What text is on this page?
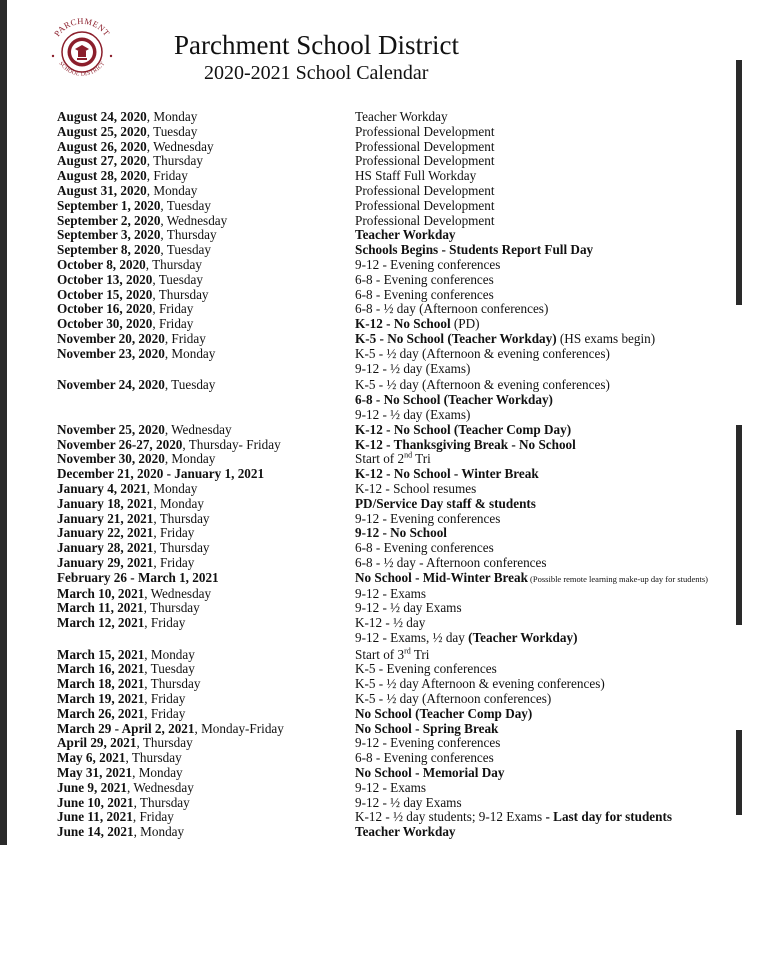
PARCHMENT
SCHOOL DISTRICT
Parchment School District
2020-2021 School Calendar
August 24, 2020, Monday	Teacher Workday
August 25, 2020, Tuesday	Professional Development
August 26, 2020, Wednesday	Professional Development
August 27, 2020, Thursday	Professional Development
August 28, 2020, Friday	HS Staff Full Workday
August 31, 2020, Monday	Professional Development
September 1, 2020, Tuesday	Professional Development
September 2, 2020, Wednesday	Professional Development
September 3, 2020, Thursday	Teacher Workday
September 8, 2020, Tuesday	Schools Begins - Students Report Full Day
October 8, 2020, Thursday	9-12 - Evening conferences
October 13, 2020, Tuesday	6-8 - Evening conferences
October 15, 2020, Thursday	6-8 - Evening conferences
October 16, 2020, Friday	6-8 - ½ day (Afternoon conferences)
October 30, 2020, Friday	K-12 - No School (PD)
November 20, 2020, Friday	K-5 - No School (Teacher Workday) (HS exams begin)
November 23, 2020, Monday	K-5 - ½ day (Afternoon & evening conferences)
9-12 - ½ day (Exams)
November 24, 2020, Tuesday	K-5 - ½ day (Afternoon & evening conferences)
6-8 - No School (Teacher Workday)
9-12 - ½ day (Exams)
November 25, 2020, Wednesday	K-12 - No School (Teacher Comp Day)
November 26-27, 2020, Thursday- Friday	K-12 - Thanksgiving Break - No School
November 30, 2020, Monday	Start of 2nd Tri
December 21, 2020 - January 1, 2021	K-12 - No School - Winter Break
January 4, 2021, Monday	K-12 - School resumes
January 18, 2021, Monday	PD/Service Day staff & students
January 21, 2021, Thursday	9-12 - Evening conferences
January 22, 2021, Friday	9-12 - No School
January 28, 2021, Thursday	6-8 - Evening conferences
January 29, 2021, Friday	6-8 - ½ day - Afternoon conferences
February 26 - March 1, 2021	No School - Mid-Winter Break (Possible remote learning make-up day for students)
March 10, 2021, Wednesday	9-12 - Exams
March 11, 2021, Thursday	9-12 - ½ day Exams
March 12, 2021, Friday	K-12 - ½ day
9-12 - Exams, ½ day (Teacher Workday)
March 15, 2021, Monday	Start of 3rd Tri
March 16, 2021, Tuesday	K-5 - Evening conferences
March 18, 2021, Thursday	K-5 - ½ day Afternoon & evening conferences)
March 19, 2021, Friday	K-5 - ½ day (Afternoon conferences)
March 26, 2021, Friday	No School (Teacher Comp Day)
March 29 - April 2, 2021, Monday-Friday	No School - Spring Break
April 29, 2021, Thursday	9-12 - Evening conferences
May 6, 2021, Thursday	6-8 - Evening conferences
May 31, 2021, Monday	No School - Memorial Day
June 9, 2021, Wednesday	9-12 - Exams
June 10, 2021, Thursday	9-12 - ½ day Exams
June 11, 2021, Friday	K-12 - ½ day students; 9-12 Exams - Last day for students
June 14, 2021, Monday	Teacher Workday
